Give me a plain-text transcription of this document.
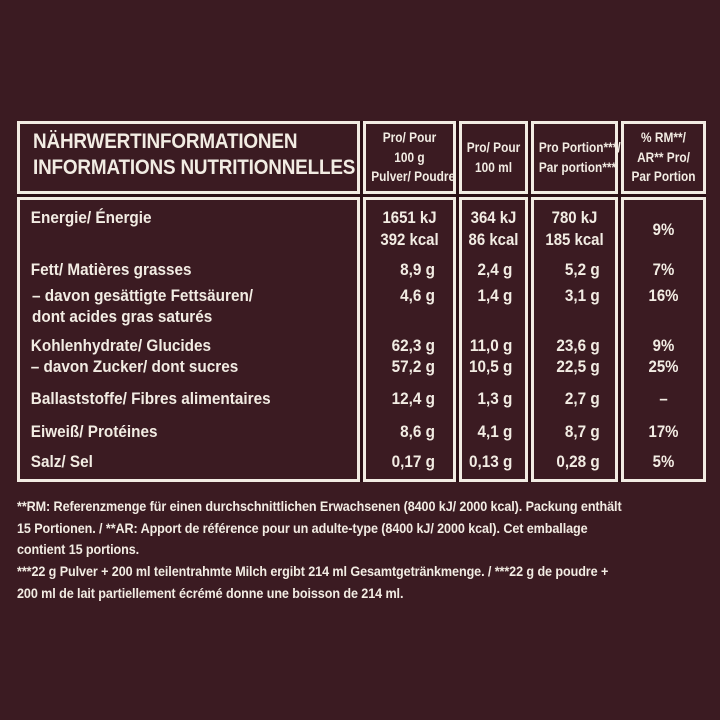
NÄHRWERTINFORMATIONEN
INFORMATIONS NUTRITIONNELLES
Pro/ Pour
100 g
Pulver/ Poudre
Pro/ Pour
100 ml
Pro Portion***/
Par portion***
% RM**/
AR** Pro/
Par Portion
Energie/ Énergie
Fett/ Matières grasses
– davon gesättigte Fettsäuren/
dont acides gras saturés
Kohlenhydrate/ Glucides
– davon Zucker/ dont sucres
Ballaststoffe/ Fibres alimentaires
Eiweiß/ Protéines
Salz/ Sel
1651 kJ
392 kcal
8,9 g
4,6 g
62,3 g
57,2 g
12,4 g
8,6 g
0,17 g
364 kJ
86 kcal
2,4 g
1,4 g
11,0 g
10,5 g
1,3 g
4,1 g
0,13 g
780 kJ
185 kcal
5,2 g
3,1 g
23,6 g
22,5 g
2,7 g
8,7 g
0,28 g
9%
7%
16%
9%
25%
–
17%
5%
**RM: Referenzmenge für einen durchschnittlichen Erwachsenen (8400 kJ/ 2000 kcal). Packung enthält
15 Portionen. / **AR: Apport de référence pour un adulte-type (8400 kJ/ 2000 kcal). Cet emballage
contient 15 portions.
***22 g Pulver + 200 ml teilentrahmte Milch ergibt 214 ml Gesamtgetränkmenge. / ***22 g de poudre +
200 ml de lait partiellement écrémé donne une boisson de 214 ml.
